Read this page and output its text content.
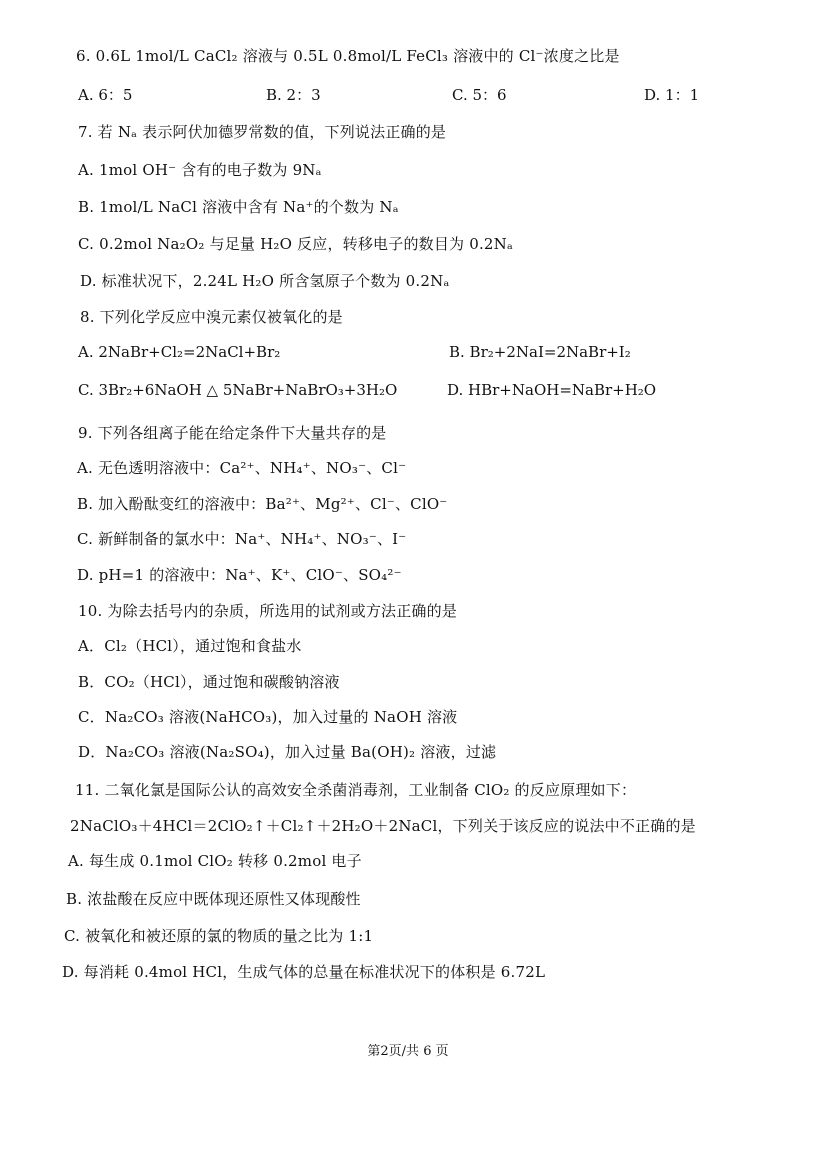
6. 0.6L 1mol/L CaCl₂ 溶液与 0.5L 0.8mol/L FeCl₃ 溶液中的 Cl⁻浓度之比是
A. 6：5	B. 2：3	C. 5：6	D. 1：1
7. 若 Nₐ 表示阿伏加德罗常数的值，下列说法正确的是
A. 1mol OH⁻ 含有的电子数为 9Nₐ
B. 1mol/L NaCl 溶液中含有 Na⁺的个数为 Nₐ
C. 0.2mol Na₂O₂ 与足量 H₂O 反应，转移电子的数目为 0.2Nₐ
D. 标准状况下，2.24L H₂O 所含氢原子个数为 0.2Nₐ
8. 下列化学反应中溴元素仅被氧化的是
A. 2NaBr+Cl₂=2NaCl+Br₂	B. Br₂+2NaI=2NaBr+I₂
C. 3Br₂+6NaOH △ 5NaBr+NaBrO₃+3H₂O	D. HBr+NaOH=NaBr+H₂O
9. 下列各组离子能在给定条件下大量共存的是
A. 无色透明溶液中：Ca²⁺、NH₄⁺、NO₃⁻、Cl⁻
B. 加入酚酞变红的溶液中：Ba²⁺、Mg²⁺、Cl⁻、ClO⁻
C. 新鲜制备的氯水中：Na⁺、NH₄⁺、NO₃⁻、I⁻
D. pH=1 的溶液中：Na⁺、K⁺、ClO⁻、SO₄²⁻
10. 为除去括号内的杂质，所选用的试剂或方法正确的是
A．Cl₂（HCl），通过饱和食盐水
B．CO₂（HCl），通过饱和碳酸钠溶液
C．Na₂CO₃ 溶液(NaHCO₃)，加入过量的 NaOH 溶液
D．Na₂CO₃ 溶液(Na₂SO₄)，加入过量 Ba(OH)₂ 溶液，过滤
11. 二氧化氯是国际公认的高效安全杀菌消毒剂，工业制备 ClO₂ 的反应原理如下：
2NaClO₃＋4HCl＝2ClO₂↑＋Cl₂↑＋2H₂O＋2NaCl，下列关于该反应的说法中不正确的是
A. 每生成 0.1mol ClO₂ 转移 0.2mol 电子
B. 浓盐酸在反应中既体现还原性又体现酸性
C. 被氧化和被还原的氯的物质的量之比为 1:1
D. 每消耗 0.4mol HCl，生成气体的总量在标准状况下的体积是 6.72L
第2页/共 6 页
